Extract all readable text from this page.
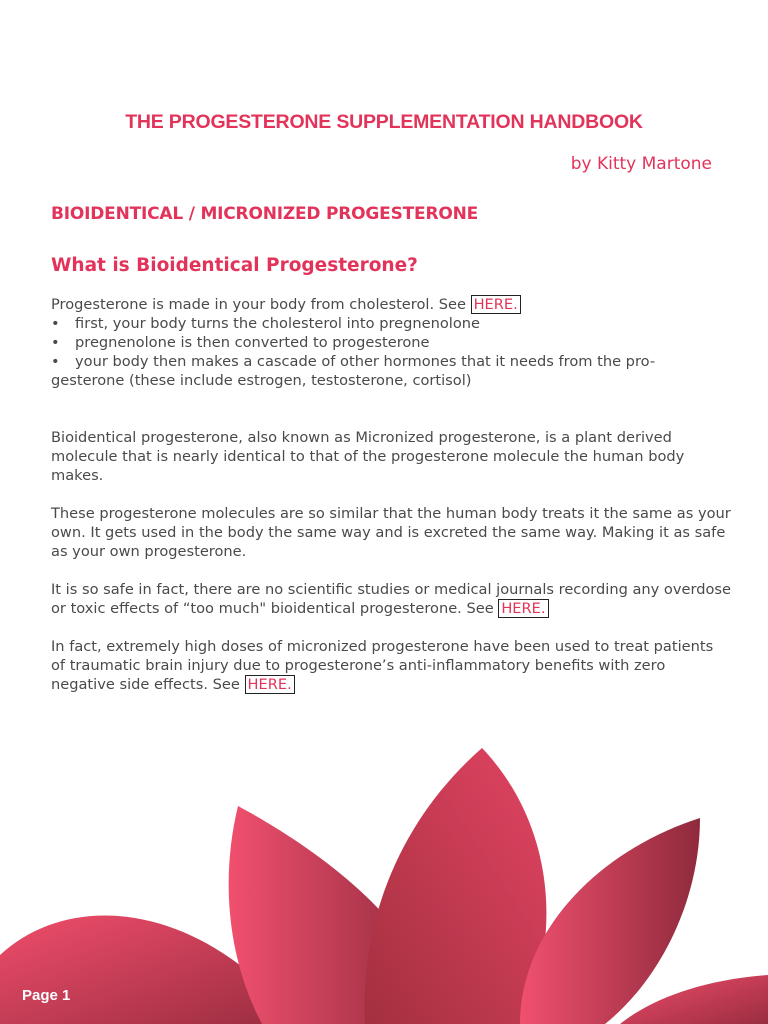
THE PROGESTERONE SUPPLEMENTATION HANDBOOK

by Kitty Martone

BIOIDENTICAL / MICRONIZED PROGESTERONE
What is Bioidentical Progesterone?

Progesterone is made in your body from cholesterol. See HERE.

• first, your body turns the cholesterol into pregnenolone
• pregnenolone is then converted to progesterone
• your body then makes a cascade of other hormones that it needs from the pro-
gesterone (these include estrogen, testosterone, cortisol)

Bioidentical progesterone, also known as Micronized progesterone, is a plant derived molecule that is nearly identical to that of the progesterone molecule the human body makes.

These progesterone molecules are so similar that the human body treats it the same as your own. It gets used in the body the same way and is excreted the same way. Making it as safe as your own progesterone.

It is so safe in fact, there are no scientific studies or medical journals recording any overdose or toxic effects of “too much" bioidentical progesterone. See HERE.

In fact, extremely high doses of micronized progesterone have been used to treat patients of traumatic brain injury due to progesterone’s anti-inflammatory benefits with zero negative side effects. See HERE.

Page 1
